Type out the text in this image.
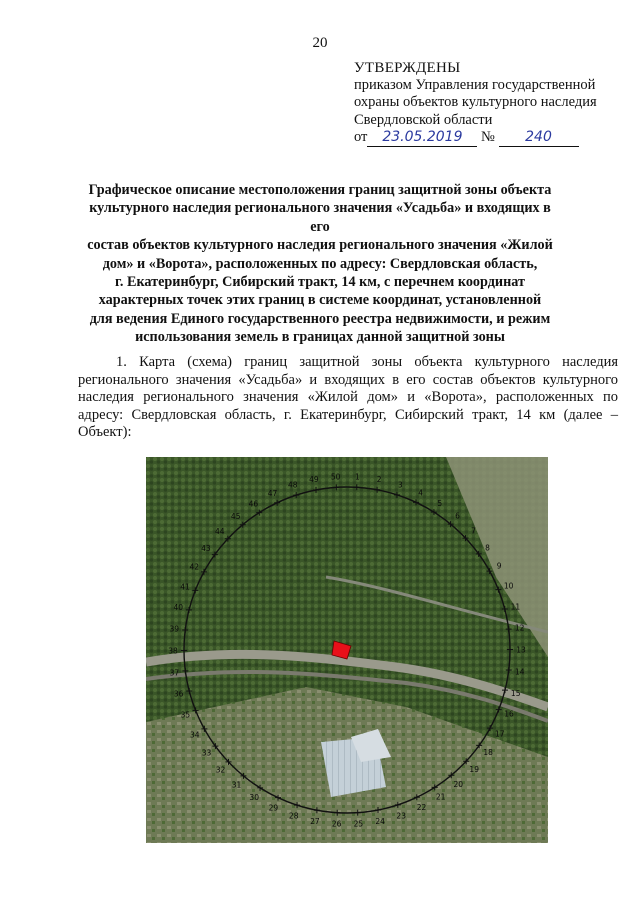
20
УТВЕРЖДЕНЫ
приказом Управления государственной
охраны объектов культурного наследия
Свердловской области
от 23.05.2019 № 240
Графическое описание местоположения границ защитной зоны объекта
культурного наследия регионального значения «Усадьба» и входящих в его
состав объектов культурного наследия регионального значения «Жилой
дом» и «Ворота», расположенных по адресу: Свердловская область,
г. Екатеринбург, Сибирский тракт, 14 км, с перечнем координат
характерных точек этих границ в системе координат, установленной
для ведения Единого государственного реестра недвижимости, и режим
использования земель в границах данной защитной зоны
1. Карта (схема) границ защитной зоны объекта культурного наследия регионального значения «Усадьба» и входящих в его состав объектов культурного наследия регионального значения «Жилой дом» и «Ворота», расположенных по адресу: Свердловская область, г. Екатеринбург, Сибирский тракт, 14 км (далее – Объект):
1 2
3
4
5
6
7
8
9
10
11
12
13
14
15
16
17
18
19
20
21
22
23
24
25
26
27
28
29
30
31
32
33
34
35
36
37
38
39
40
41
42
43
44
45
46
47
48
49 50
